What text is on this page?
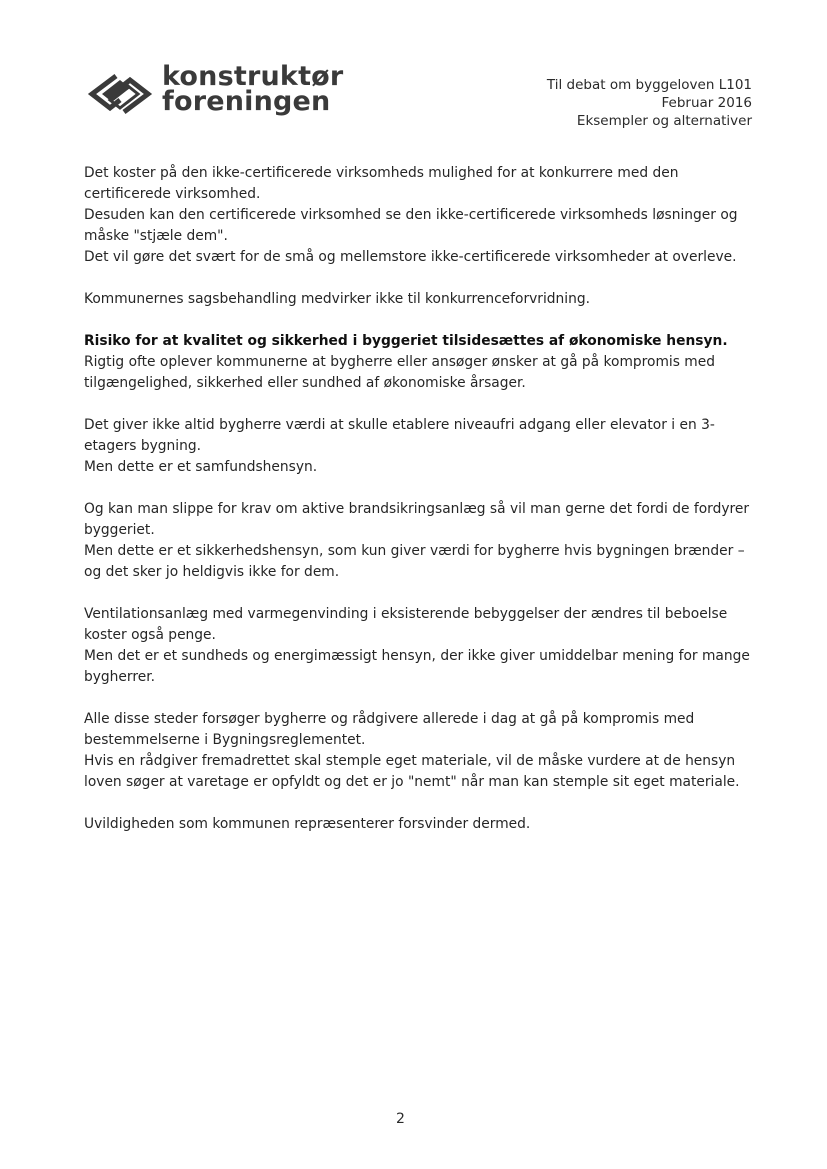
konstruktør
foreningen
Til debat om byggeloven L101
Februar 2016
Eksempler og alternativer
Det koster på den ikke-certificerede virksomheds mulighed for at konkurrere med den certificerede virksomhed.
Desuden kan den certificerede virksomhed se den ikke-certificerede virksomheds løsninger og måske "stjæle dem".
Det vil gøre det svært for de små og mellemstore ikke-certificerede virksomheder at overleve.
Kommunernes sagsbehandling medvirker ikke til konkurrenceforvridning.
Risiko for at kvalitet og sikkerhed i byggeriet tilsidesættes af økonomiske hensyn.
Rigtig ofte oplever kommunerne at bygherre eller ansøger ønsker at gå på kompromis med tilgængelighed, sikkerhed eller sundhed af økonomiske årsager.
Det giver ikke altid bygherre værdi at skulle etablere niveaufri adgang eller elevator i en 3-etagers bygning.
Men dette er et samfundshensyn.
Og kan man slippe for krav om aktive brandsikringsanlæg så vil man gerne det fordi de fordyrer byggeriet.
Men dette er et sikkerhedshensyn, som kun giver værdi for bygherre hvis bygningen brænder – og det sker jo heldigvis ikke for dem.
Ventilationsanlæg med varmegenvinding i eksisterende bebyggelser der ændres til beboelse koster også penge.
Men det er et sundheds og energimæssigt hensyn, der ikke giver umiddelbar mening for mange bygherrer.
Alle disse steder forsøger bygherre og rådgivere allerede i dag at gå på kompromis med bestemmelserne i Bygningsreglementet.
Hvis en rådgiver fremadrettet skal stemple eget materiale, vil de måske vurdere at de hensyn loven søger at varetage er opfyldt og det er jo "nemt" når man kan stemple sit eget materiale.
Uvildigheden som kommunen repræsenterer forsvinder dermed.
2
